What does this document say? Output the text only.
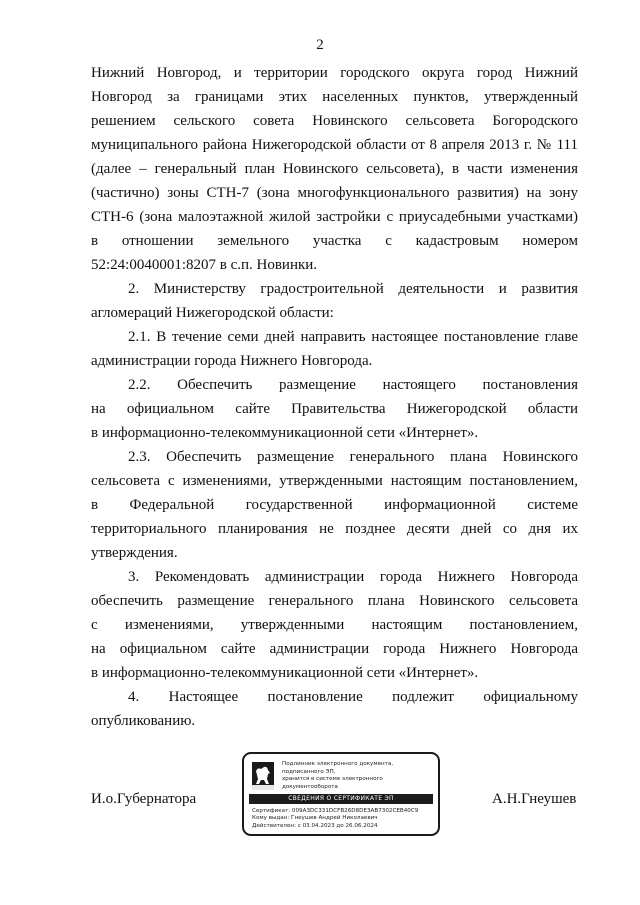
2
Нижний Новгород, и территории городского округа город Нижний
Новгород за границами этих населенных пунктов, утвержденный
решением сельского совета Новинского сельсовета Богородского
муниципального района Нижегородской области от 8 апреля 2013 г. № 111
(далее – генеральный план Новинского сельсовета), в части изменения
(частично) зоны СТН-7 (зона многофункционального развития) на зону
СТН-6 (зона малоэтажной жилой застройки с приусадебными участками)
в отношении земельного участка с кадастровым номером
52:24:0040001:8207 в с.п. Новинки.
2. Министерству градостроительной деятельности и развития
агломераций Нижегородской области:
2.1. В течение семи дней направить настоящее постановление главе
администрации города Нижнего Новгорода.
2.2. Обеспечить размещение настоящего постановления
на официальном сайте Правительства Нижегородской области
в информационно-телекоммуникационной сети «Интернет».
2.3. Обеспечить размещение генерального плана Новинского
сельсовета с изменениями, утвержденными настоящим постановлением,
в Федеральной государственной информационной системе
территориального планирования не позднее десяти дней со дня их
утверждения.
3. Рекомендовать администрации города Нижнего Новгорода
обеспечить размещение генерального плана Новинского сельсовета
с изменениями, утвержденными настоящим постановлением,
на официальном сайте администрации города Нижнего Новгорода
в информационно-телекоммуникационной сети «Интернет».
4. Настоящее постановление подлежит официальному
опубликованию.
И.о.Губернатора	А.Н.Гнеушев
Подлинник электронного документа, подписанного ЭП,
хранится в системе электронного документооборота
СВЕДЕНИЯ О СЕРТИФИКАТЕ ЭП
Сертификат: 009A3DC331DCFB26D8DE3AB7302CEB40C9
Кому выдан: Гнеушев Андрей Николаевич
Действителен: с 03.04.2023 до 26.06.2024
